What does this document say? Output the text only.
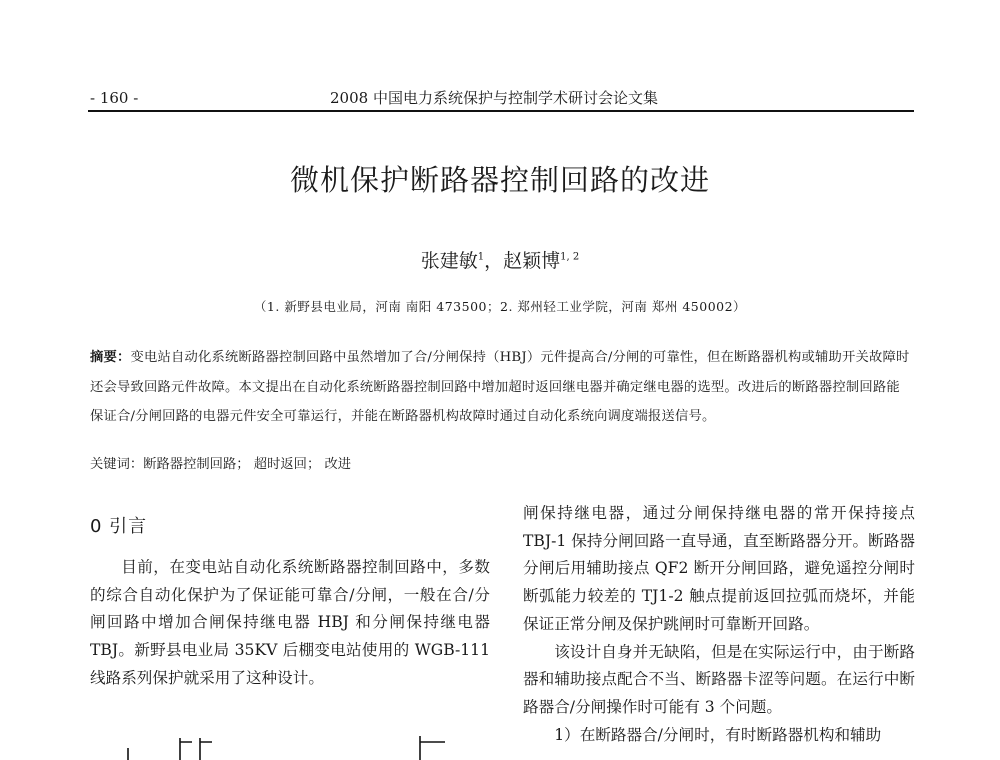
- 160 -	2008 中国电力系统保护与控制学术研讨会论文集
微机保护断路器控制回路的改进
张建敏$^1$，赵颖博$^{1, 2}$
（1. 新野县电业局，河南 南阳 473500；2. 郑州轻工业学院，河南 郑州 450002）
摘要：变电站自动化系统断路器控制回路中虽然增加了合/分闸保持（HBJ）元件提高合/分闸的可靠性，但在断路器机构或辅助开关故障时还会导致回路元件故障。本文提出在自动化系统断路器控制回路中增加超时返回继电器并确定继电器的选型。改进后的断路器控制回路能保证合/分闸回路的电器元件安全可靠运行，并能在断路器机构故障时通过自动化系统向调度端报送信号。
关键词：断路器控制回路； 超时返回； 改进
0 引言

目前，在变电站自动化系统断路器控制回路中，多数的综合自动化保护为了保证能可靠合/分闸，一般在合/分闸回路中增加合闸保持继电器 HBJ 和分闸保持继电器 TBJ。新野县电业局 35KV 后棚变电站使用的 WGB-111 线路系列保护就采用了这种设计。

闸保持继电器，通过分闸保持继电器的常开保持接点 TBJ-1 保持分闸回路一直导通，直至断路器分开。断路器分闸后用辅助接点 QF2 断开分闸回路，避免遥控分闸时断弧能力较差的 TJ1-2 触点提前返回拉弧而烧坏，并能保证正常分闸及保护跳闸时可靠断开回路。

该设计自身并无缺陷，但是在实际运行中，由于断路器和辅助接点配合不当、断路器卡涩等问题。在运行中断路器合/分闸操作时可能有 3 个问题。

1）在断路器合/分闸时，有时断路器机构和辅助
